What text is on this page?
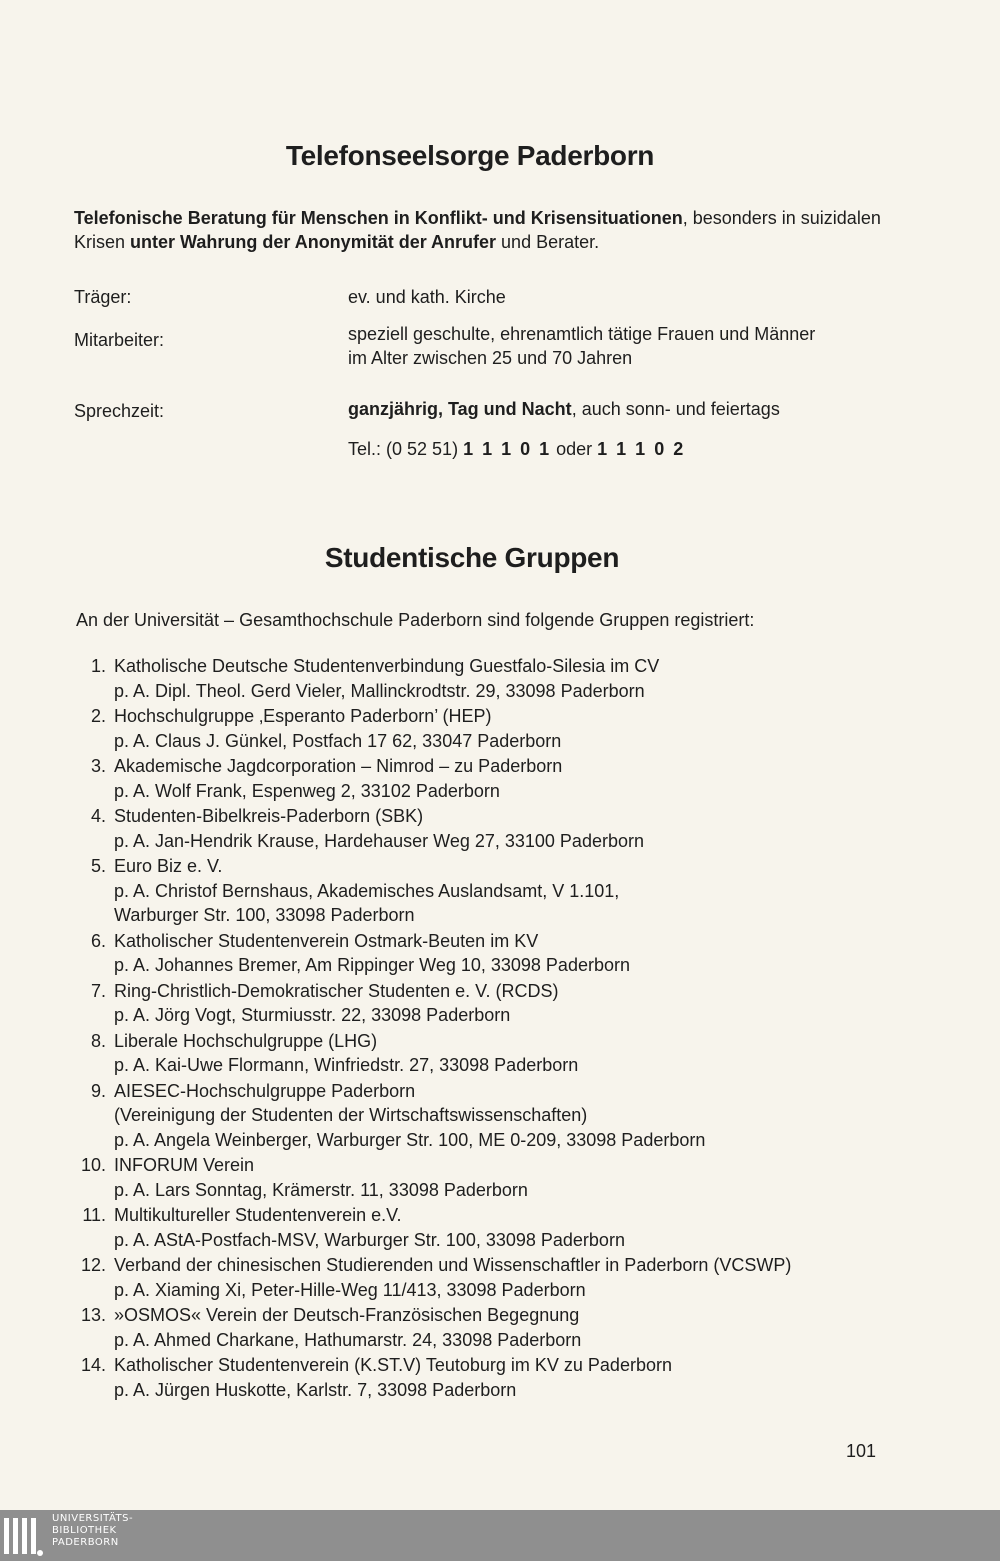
Telefonseelsorge Paderborn
Telefonische Beratung für Menschen in Konflikt- und Krisensituationen, besonders in suizidalen Krisen unter Wahrung der Anonymität der Anrufer und Berater.
Träger:	ev. und kath. Kirche
Mitarbeiter:	speziell geschulte, ehrenamtlich tätige Frauen und Männer
im Alter zwischen 25 und 70 Jahren
Sprechzeit:	ganzjährig, Tag und Nacht, auch sonn- und feiertags
Tel.: (0 52 51) 1 1 1 0 1 oder 1 1 1 0 2
Studentische Gruppen
An der Universität – Gesamthochschule Paderborn sind folgende Gruppen registriert:
1. Katholische Deutsche Studentenverbindung Guestfalo-Silesia im CV
p. A. Dipl. Theol. Gerd Vieler, Mallinckrodtstr. 29, 33098 Paderborn
2. Hochschulgruppe ‚Esperanto Paderborn’ (HEP)
p. A. Claus J. Günkel, Postfach 17 62, 33047 Paderborn
3. Akademische Jagdcorporation – Nimrod – zu Paderborn
p. A. Wolf Frank, Espenweg 2, 33102 Paderborn
4. Studenten-Bibelkreis-Paderborn (SBK)
p. A. Jan-Hendrik Krause, Hardehauser Weg 27, 33100 Paderborn
5. Euro Biz e. V.
p. A. Christof Bernshaus, Akademisches Auslandsamt, V 1.101,
Warburger Str. 100, 33098 Paderborn
6. Katholischer Studentenverein Ostmark-Beuten im KV
p. A. Johannes Bremer, Am Rippinger Weg 10, 33098 Paderborn
7. Ring-Christlich-Demokratischer Studenten e. V. (RCDS)
p. A. Jörg Vogt, Sturmiusstr. 22, 33098 Paderborn
8. Liberale Hochschulgruppe (LHG)
p. A. Kai-Uwe Flormann, Winfriedstr. 27, 33098 Paderborn
9. AIESEC-Hochschulgruppe Paderborn
(Vereinigung der Studenten der Wirtschaftswissenschaften)
p. A. Angela Weinberger, Warburger Str. 100, ME 0-209, 33098 Paderborn
10. INFORUM Verein
p. A. Lars Sonntag, Krämerstr. 11, 33098 Paderborn
11. Multikultureller Studentenverein e.V.
p. A. AStA-Postfach-MSV, Warburger Str. 100, 33098 Paderborn
12. Verband der chinesischen Studierenden und Wissenschaftler in Paderborn (VCSWP)
p. A. Xiaming Xi, Peter-Hille-Weg 11/413, 33098 Paderborn
13. »OSMOS« Verein der Deutsch-Französischen Begegnung
p. A. Ahmed Charkane, Hathumarstr. 24, 33098 Paderborn
14. Katholischer Studentenverein (K.ST.V) Teutoburg im KV zu Paderborn
p. A. Jürgen Huskotte, Karlstr. 7, 33098 Paderborn
101
UNIVERSITÄTS-
BIBLIOTHEK
PADERBORN
